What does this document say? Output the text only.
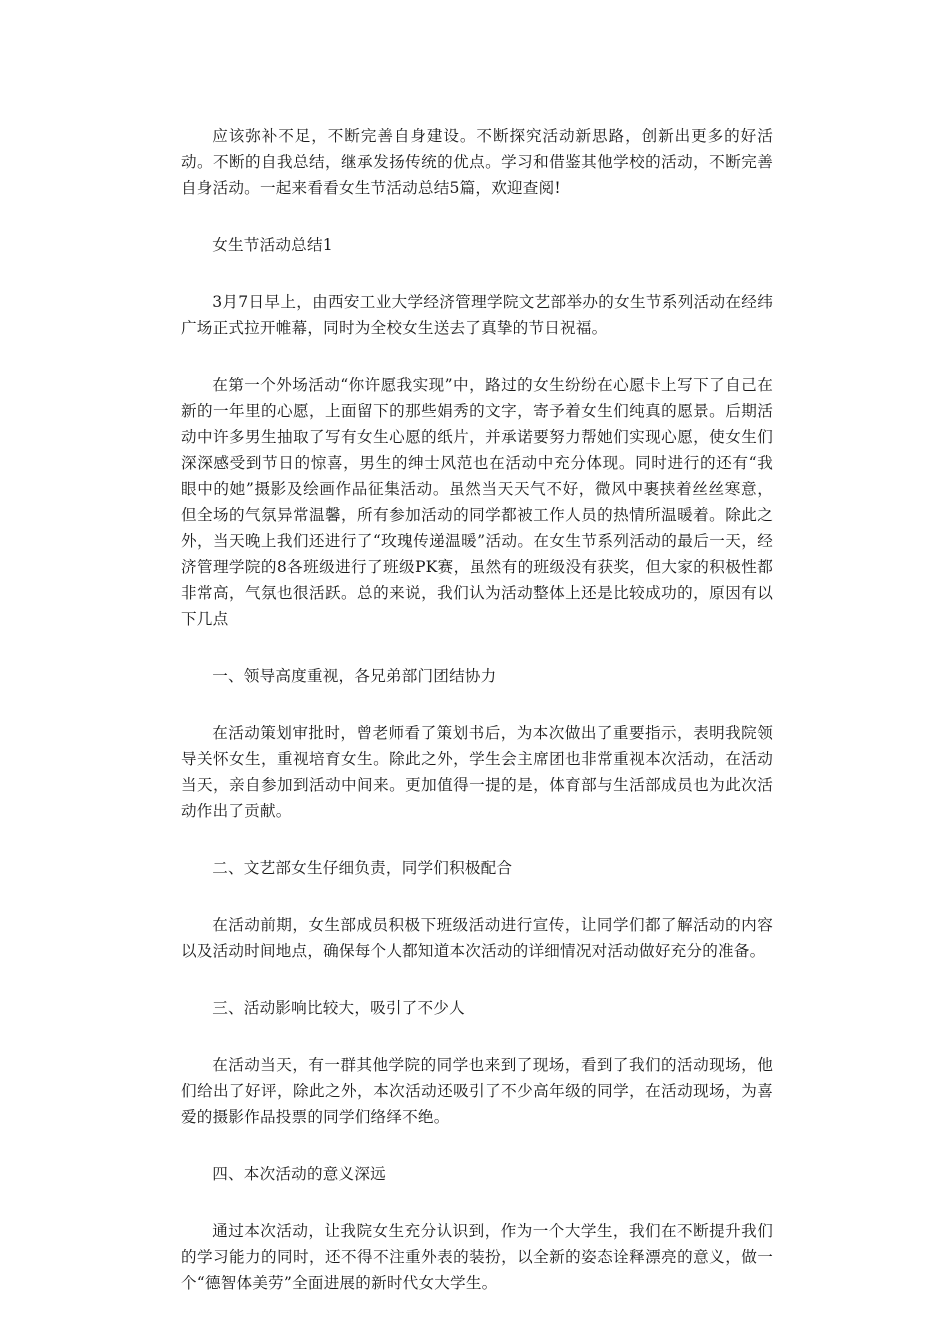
应该弥补不足，不断完善自身建设。不断探究活动新思路，创新出更多的好活动。不断的自我总结，继承发扬传统的优点。学习和借鉴其他学校的活动，不断完善自身活动。一起来看看女生节活动总结5篇，欢迎查阅!

女生节活动总结1

3月7日早上，由西安工业大学经济管理学院文艺部举办的女生节系列活动在经纬广场正式拉开帷幕，同时为全校女生送去了真挚的节日祝福。

在第一个外场活动“你许愿我实现”中，路过的女生纷纷在心愿卡上写下了自己在新的一年里的心愿，上面留下的那些娟秀的文字，寄予着女生们纯真的愿景。后期活动中许多男生抽取了写有女生心愿的纸片，并承诺要努力帮她们实现心愿，使女生们深深感受到节日的惊喜，男生的绅士风范也在活动中充分体现。同时进行的还有“我眼中的她”摄影及绘画作品征集活动。虽然当天天气不好，微风中裹挟着丝丝寒意，但全场的气氛异常温馨，所有参加活动的同学都被工作人员的热情所温暖着。除此之外，当天晚上我们还进行了“玫瑰传递温暖”活动。在女生节系列活动的最后一天，经济管理学院的8各班级进行了班级PK赛，虽然有的班级没有获奖，但大家的积极性都非常高，气氛也很活跃。总的来说，我们认为活动整体上还是比较成功的，原因有以下几点

一、领导高度重视，各兄弟部门团结协力

在活动策划审批时，曾老师看了策划书后，为本次做出了重要指示，表明我院领导关怀女生，重视培育女生。除此之外，学生会主席团也非常重视本次活动，在活动当天，亲自参加到活动中间来。更加值得一提的是，体育部与生活部成员也为此次活动作出了贡献。

二、文艺部女生仔细负责，同学们积极配合

在活动前期，女生部成员积极下班级活动进行宣传，让同学们都了解活动的内容以及活动时间地点，确保每个人都知道本次活动的详细情况对活动做好充分的准备。

三、活动影响比较大，吸引了不少人

在活动当天，有一群其他学院的同学也来到了现场，看到了我们的活动现场，他们给出了好评，除此之外，本次活动还吸引了不少高年级的同学，在活动现场，为喜爱的摄影作品投票的同学们络绎不绝。

四、本次活动的意义深远

通过本次活动，让我院女生充分认识到，作为一个大学生，我们在不断提升我们的学习能力的同时，还不得不注重外表的装扮，以全新的姿态诠释漂亮的意义，做一个“德智体美劳”全面进展的新时代女大学生。
